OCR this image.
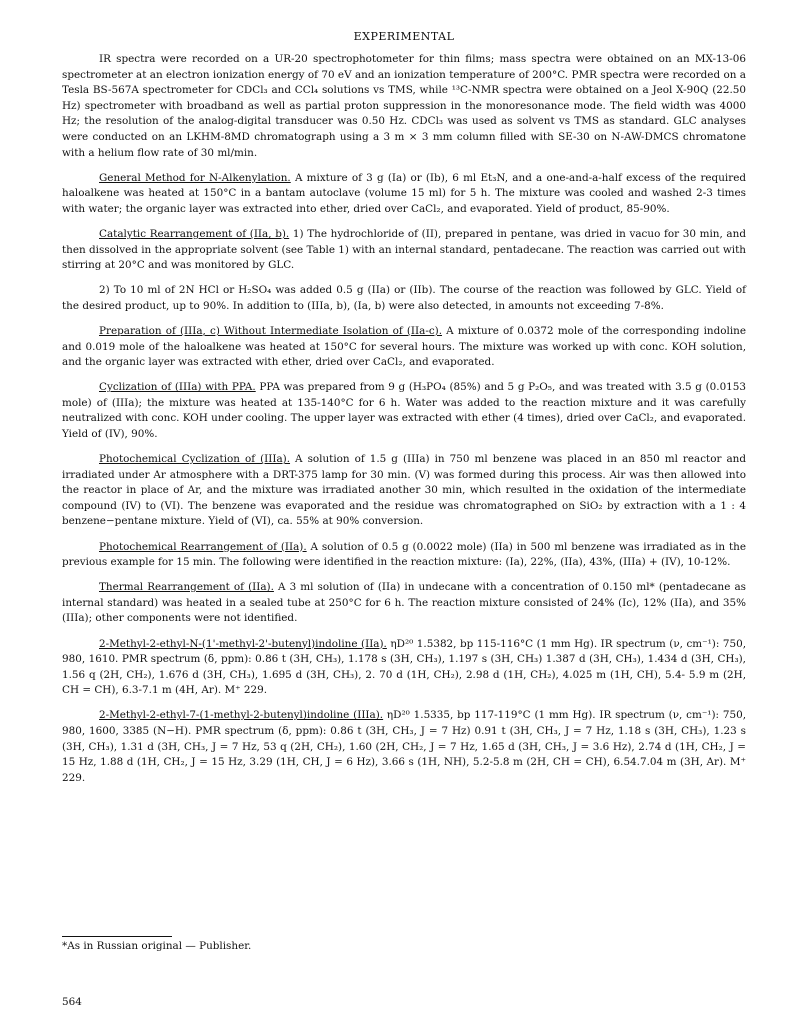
EXPERIMENTAL

IR spectra were recorded on a UR-20 spectrophotometer for thin films; mass spectra were obtained on an MX-13-06 spectrometer at an electron ionization energy of 70 eV and an ionization temperature of 200°C. PMR spectra were recorded on a Tesla BS-567A spectrometer for CDCl₃ and CCl₄ solutions vs TMS, while ¹³C-NMR spectra were obtained on a Jeol X-90Q (22.50 Hz) spectrometer with broadband as well as partial proton suppression in the monoresonance mode. The field width was 4000 Hz; the resolution of the analog-digital transducer was 0.50 Hz. CDCl₃ was used as solvent vs TMS as standard. GLC analyses were conducted on an LKHM-8MD chromatograph using a 3 m × 3 mm column filled with SE-30 on N-AW-DMCS chromatone with a helium flow rate of 30 ml/min.

General Method for N-Alkenylation. A mixture of 3 g (Ia) or (Ib), 6 ml Et₃N, and a one-and-a-half excess of the required haloalkene was heated at 150°C in a bantam autoclave (volume 15 ml) for 5 h. The mixture was cooled and washed 2-3 times with water; the organic layer was extracted into ether, dried over CaCl₂, and evaporated. Yield of product, 85-90%.

Catalytic Rearrangement of (IIa, b). 1) The hydrochloride of (II), prepared in pentane, was dried in vacuo for 30 min, and then dissolved in the appropriate solvent (see Table 1) with an internal standard, pentadecane. The reaction was carried out with stirring at 20°C and was monitored by GLC.

2) To 10 ml of 2N HCl or H₂SO₄ was added 0.5 g (IIa) or (IIb). The course of the reaction was followed by GLC. Yield of the desired product, up to 90%. In addition to (IIIa, b), (Ia, b) were also detected, in amounts not exceeding 7-8%.

Preparation of (IIIa, c) Without Intermediate Isolation of (IIa-c). A mixture of 0.0372 mole of the corresponding indoline and 0.019 mole of the haloalkene was heated at 150°C for several hours. The mixture was worked up with conc. KOH solution, and the organic layer was extracted with ether, dried over CaCl₂, and evaporated.

Cyclization of (IIIa) with PPA. PPA was prepared from 9 g (H₃PO₄ (85%) and 5 g P₂O₅, and was treated with 3.5 g (0.0153 mole) of (IIIa); the mixture was heated at 135-140°C for 6 h. Water was added to the reaction mixture and it was carefully neutralized with conc. KOH under cooling. The upper layer was extracted with ether (4 times), dried over CaCl₂, and evaporated. Yield of (IV), 90%.

Photochemical Cyclization of (IIIa). A solution of 1.5 g (IIIa) in 750 ml benzene was placed in an 850 ml reactor and irradiated under Ar atmosphere with a DRT-375 lamp for 30 min. (V) was formed during this process. Air was then allowed into the reactor in place of Ar, and the mixture was irradiated another 30 min, which resulted in the oxidation of the intermediate compound (IV) to (VI). The benzene was evaporated and the residue was chromatographed on SiO₂ by extraction with a 1 : 4 benzene−pentane mixture. Yield of (VI), ca. 55% at 90% conversion.

Photochemical Rearrangement of (IIa). A solution of 0.5 g (0.0022 mole) (IIa) in 500 ml benzene was irradiated as in the previous example for 15 min. The following were identified in the reaction mixture: (Ia), 22%, (IIa), 43%, (IIIa) + (IV), 10-12%.

Thermal Rearrangement of (IIa). A 3 ml solution of (IIa) in undecane with a concentration of 0.150 ml* (pentadecane as internal standard) was heated in a sealed tube at 250°C for 6 h. The reaction mixture consisted of 24% (Ic), 12% (IIa), and 35% (IIIa); other components were not identified.

2-Methyl-2-ethyl-N-(1'-methyl-2'-butenyl)indoline (IIa). ηD²⁰ 1.5382, bp 115-116°C (1 mm Hg). IR spectrum (ν, cm⁻¹): 750, 980, 1610. PMR spectrum (δ, ppm): 0.86 t (3H, CH₃), 1.178 s (3H, CH₃), 1.197 s (3H, CH₃) 1.387 d (3H, CH₃), 1.434 d (3H, CH₃), 1.56 q (2H, CH₂), 1.676 d (3H, CH₃), 1.695 d (3H, CH₃), 2. 70 d (1H, CH₂), 2.98 d (1H, CH₂), 4.025 m (1H, CH), 5.4- 5.9 m (2H, CH = CH), 6.3-7.1 m (4H, Ar). M⁺ 229.

2-Methyl-2-ethyl-7-(1-methyl-2-butenyl)indoline (IIIa). ηD²⁰ 1.5335, bp 117-119°C (1 mm Hg). IR spectrum (ν, cm⁻¹): 750, 980, 1600, 3385 (N−H). PMR spectrum (δ, ppm): 0.86 t (3H, CH₃, J = 7 Hz) 0.91 t (3H, CH₃, J = 7 Hz, 1.18 s (3H, CH₃), 1.23 s (3H, CH₃), 1.31 d (3H, CH₃, J = 7 Hz, 53 q (2H, CH₂), 1.60 (2H, CH₂, J = 7 Hz, 1.65 d (3H, CH₃, J = 3.6 Hz), 2.74 d (1H, CH₂, J = 15 Hz, 1.88 d (1H, CH₂, J = 15 Hz, 3.29 (1H, CH, J = 6 Hz), 3.66 s (1H, NH), 5.2-5.8 m (2H, CH = CH), 6.54.7.04 m (3H, Ar). M⁺ 229.

*As in Russian original — Publisher.
564
